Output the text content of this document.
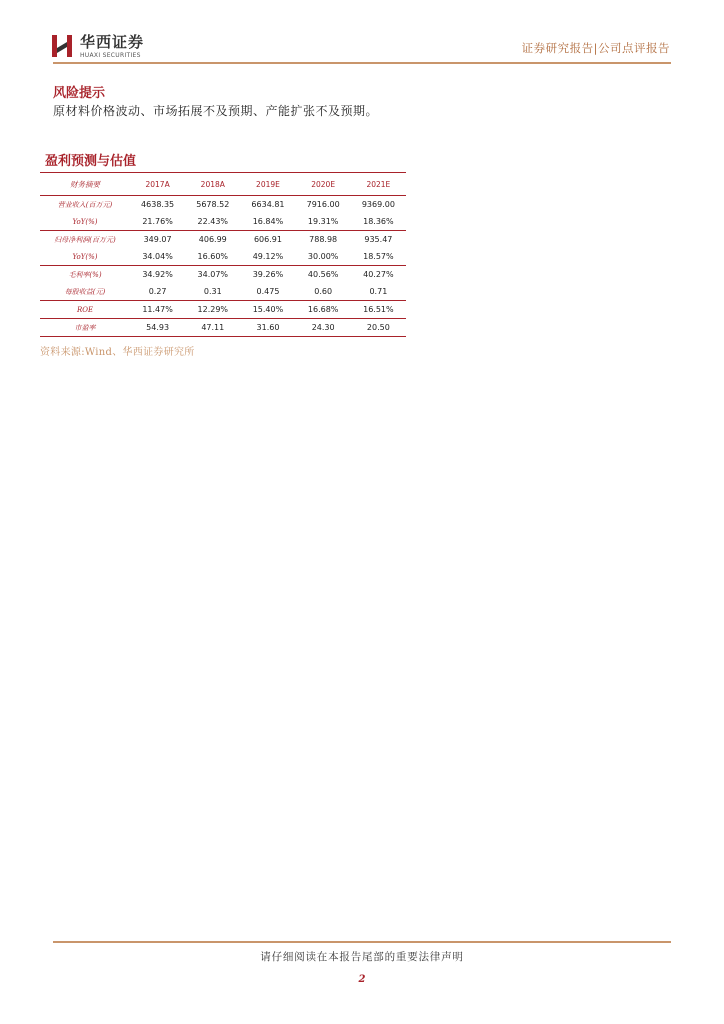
华西证券
HUAXI SECURITIES	证券研究报告|公司点评报告
风险提示
原材料价格波动、市场拓展不及预期、产能扩张不及预期。
盈利预测与估值
财务摘要	2017A	2018A	2019E	2020E	2021E
营业收入(百万元)	4638.35	5678.52	6634.81	7916.00	9369.00
YoY(%)	21.76%	22.43%	16.84%	19.31%	18.36%
归母净利润(百万元)	349.07	406.99	606.91	788.98	935.47
YoY(%)	34.04%	16.60%	49.12%	30.00%	18.57%
毛利率(%)	34.92%	34.07%	39.26%	40.56%	40.27%
每股收益(元)	0.27	0.31	0.475	0.60	0.71
ROE	11.47%	12.29%	15.40%	16.68%	16.51%
市盈率	54.93	47.11	31.60	24.30	20.50
资料来源:Wind、华西证券研究所
请仔细阅读在本报告尾部的重要法律声明
2
